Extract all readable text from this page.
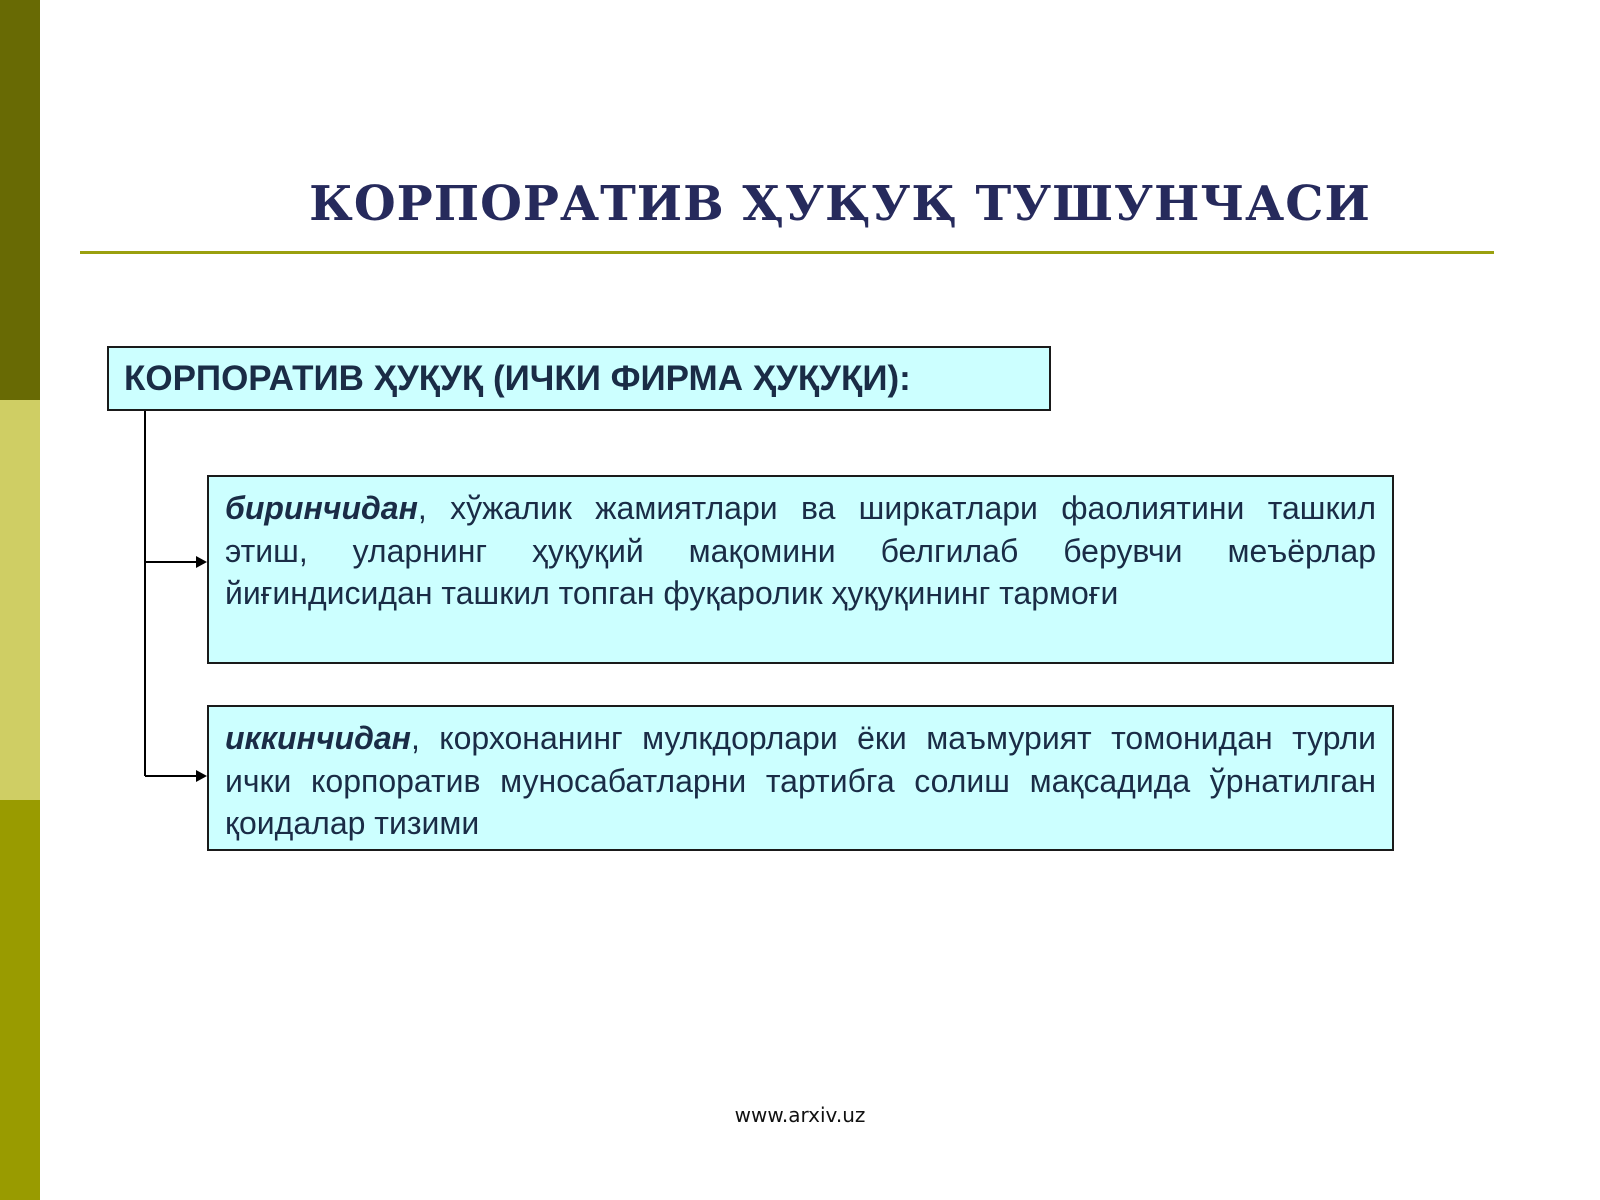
КОРПОРАТИВ ҲУҚУҚ ТУШУНЧАСИ
КОРПОРАТИВ ҲУҚУҚ (ИЧКИ ФИРМА ҲУҚУҚИ):
биринчидан, хўжалик жамиятлари ва ширкатлари фаолиятини ташкил этиш, уларнинг ҳуқуқий мақомини белгилаб берувчи меъёрлар йиғиндисидан ташкил топган фуқаролик ҳуқуқининг тармоғи
иккинчидан, корхонанинг мулкдорлари ёки маъмурият томонидан турли ички корпоратив муносабатларни тартибга солиш мақсадида ўрнатилган қоидалар тизими
www.arxiv.uz
